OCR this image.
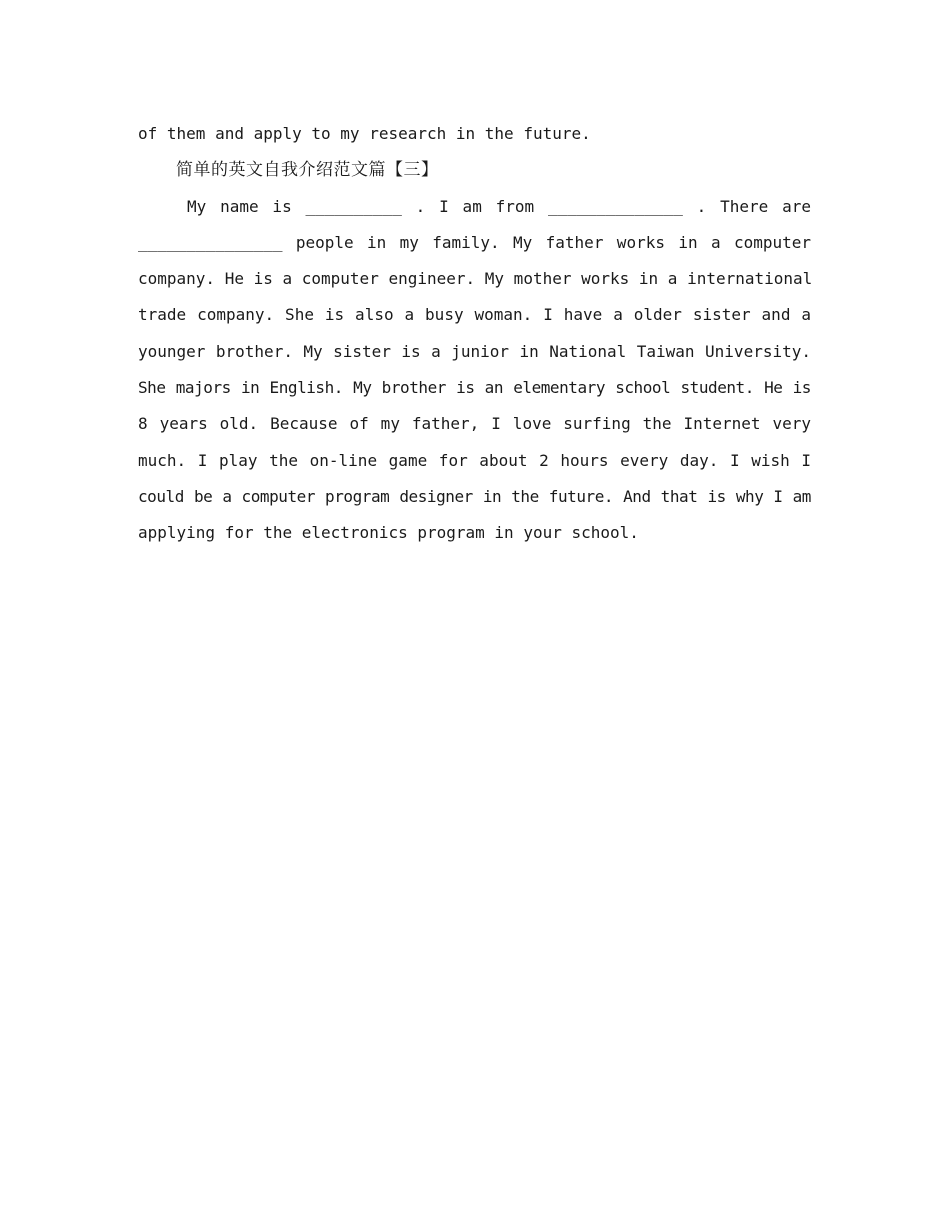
of them and apply to my research in the future.
简单的英文自我介绍范文篇【三】
My name is __________ . I am from ______________ . There are
_______________ people in my family. My father works in a computer
company. He is a computer engineer. My mother works in a international
trade company. She is also a busy woman. I have a older sister and a
younger brother. My sister is a junior in National Taiwan University.
She majors in English. My brother is an elementary school student. He is
8 years old. Because of my father, I love surfing the Internet very
much. I play the on-line game for about 2 hours every day. I wish I
could be a computer program designer in the future. And that is why I am
applying for the electronics program in your school.
